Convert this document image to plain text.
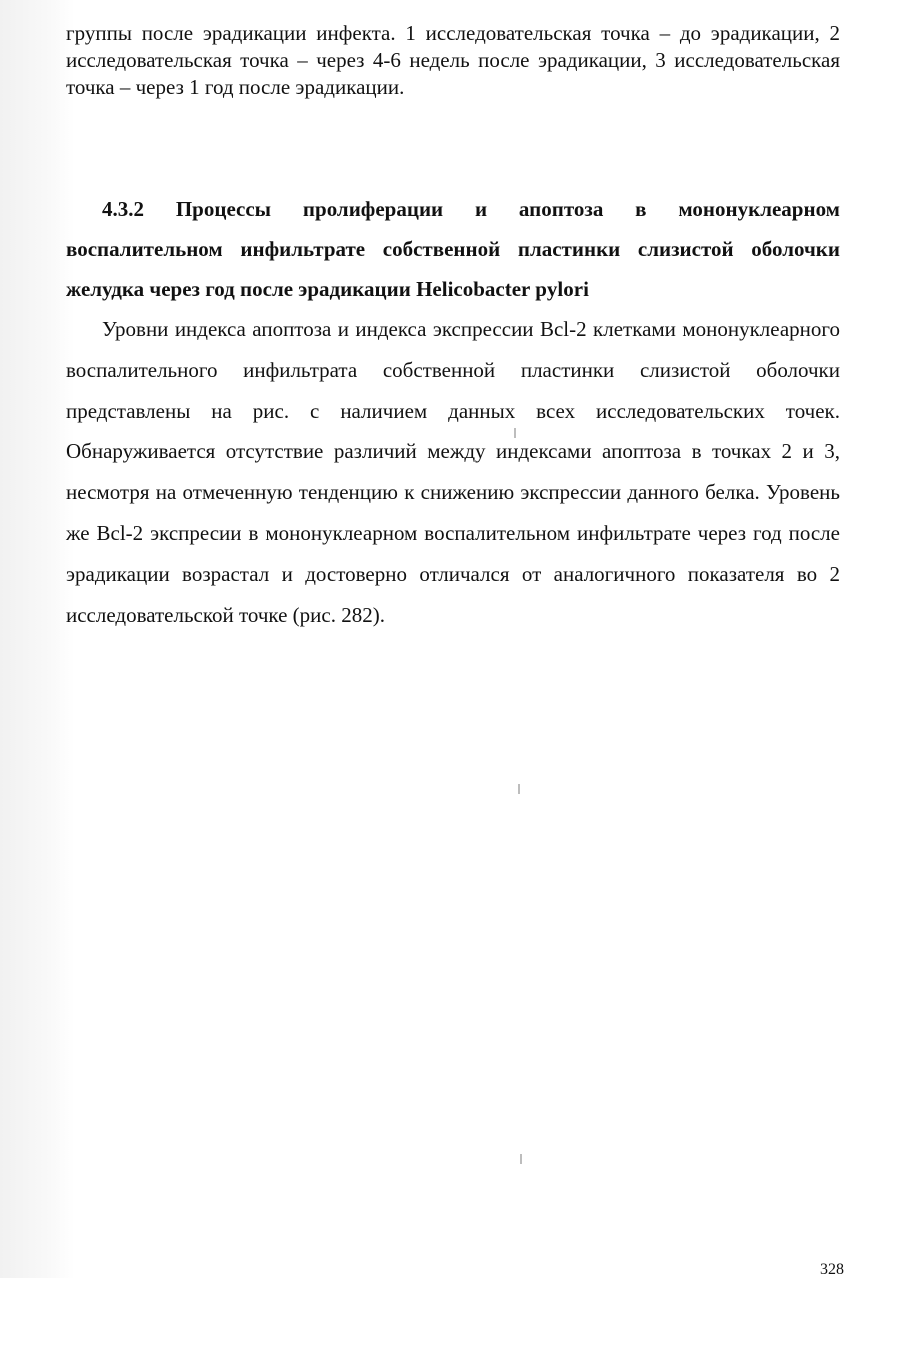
группы после эрадикации инфекта. 1 исследовательская точка – до эрадикации, 2 исследовательская точка – через 4-6 недель после эрадикации, 3 исследовательская точка – через 1 год после эрадикации.

4.3.2 Процессы пролиферации и апоптоза в мононуклеарном воспалительном инфильтрате собственной пластинки слизистой оболочки желудка через год после эрадикации Helicobacter pylori

Уровни индекса апоптоза и индекса экспрессии Bcl-2 клетками мононуклеарного воспалительного инфильтрата собственной пластинки слизистой оболочки представлены на рис. с наличием данных всех исследовательских точек. Обнаруживается отсутствие различий между индексами апоптоза в точках 2 и 3, несмотря на отмеченную тенденцию к снижению экспрессии данного белка. Уровень же Bcl-2 экспресии в мононуклеарном воспалительном инфильтрате через год после эрадикации возрастал и достоверно отличался от аналогичного показателя во 2 исследовательской точке (рис. 282).

328
